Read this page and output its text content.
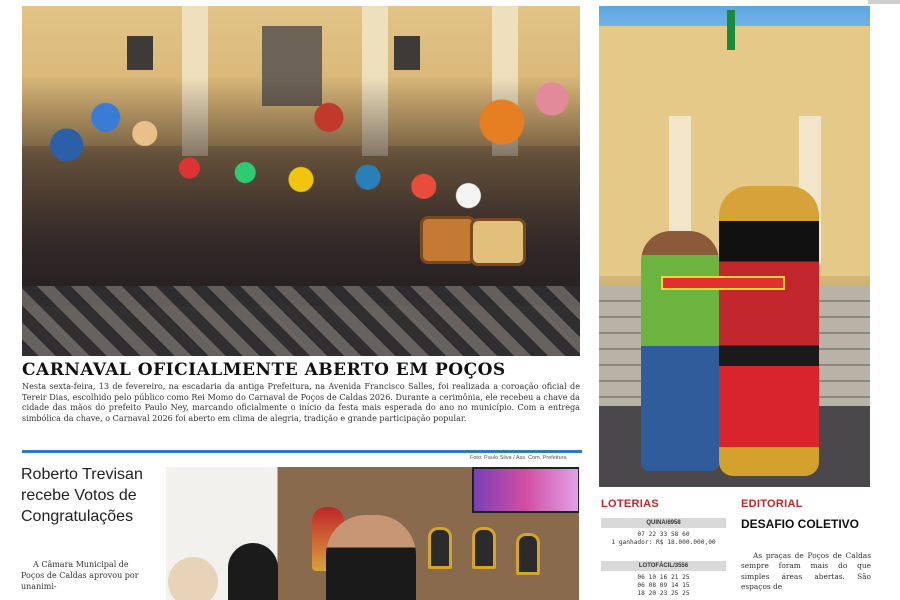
CARNAVAL OFICIALMENTE ABERTO EM POÇOS
Nesta sexta-feira, 13 de fevereiro, na escadaria da antiga Prefeitura, na Avenida Francisco Salles, foi realizada a coroação oficial de Tereir Dias, escolhido pelo público como Rei Momo do Carnaval de Poços de Caldas 2026. Durante a cerimônia, ele recebeu a chave da cidade das mãos do prefeito Paulo Ney, marcando oficialmente o início da festa mais esperada do ano no município. Com a entrega simbólica da chave, o Carnaval 2026 foi aberto em clima de alegria, tradição e grande participação popular.
Foto: Paulo Silva / Ass. Com. Prefeitura
Roberto Trevisan recebe Votos de Congratulações
A Câmara Municipal de Poços de Caldas aprovou por unanimi-
LOTERIAS
QUINA/6958
07 22 33 58 60
1 ganhador: R$ 18.000.000,00
LOTOFÁCIL/3556
06 10 16 21 25
06 08 09 14 15
18 20 23 25 25
EDITORIAL
DESAFIO COLETIVO
As praças de Poços de Caldas sempre foram mais do que simples áreas abertas. São espaços de
